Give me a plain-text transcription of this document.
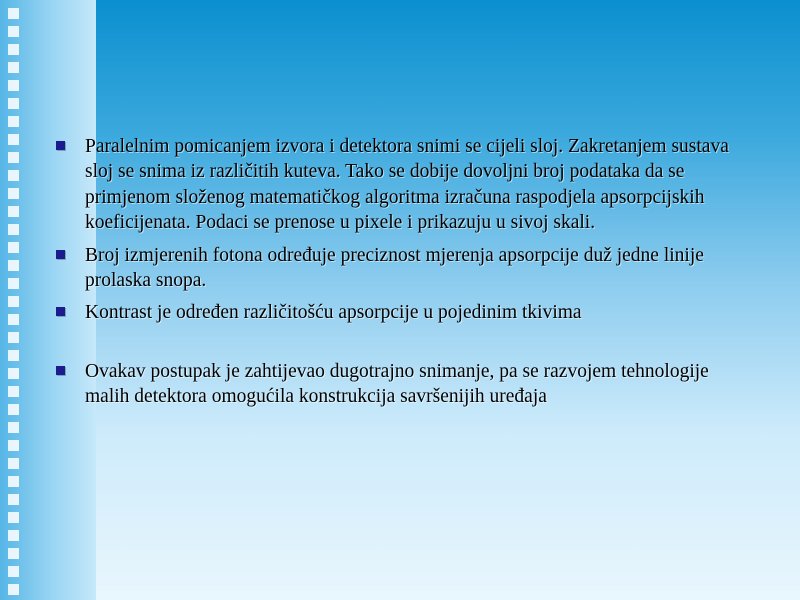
Paralelnim pomicanjem izvora i detektora snimi se cijeli sloj. Zakretanjem sustava sloj se snima iz različitih kuteva. Tako se dobije dovoljni broj podataka da se primjenom složenog matematičkog algoritma izračuna raspodjela apsorpcijskih koeficijenata. Podaci se prenose u pixele i prikazuju u sivoj skali.
Broj izmjerenih fotona određuje preciznost mjerenja apsorpcije duž jedne linije prolaska snopa.
Kontrast je određen različitošću apsorpcije u pojedinim tkivima
Ovakav postupak je zahtijevao dugotrajno snimanje, pa se razvojem tehnologije malih detektora omogućila konstrukcija savršenijih uređaja
